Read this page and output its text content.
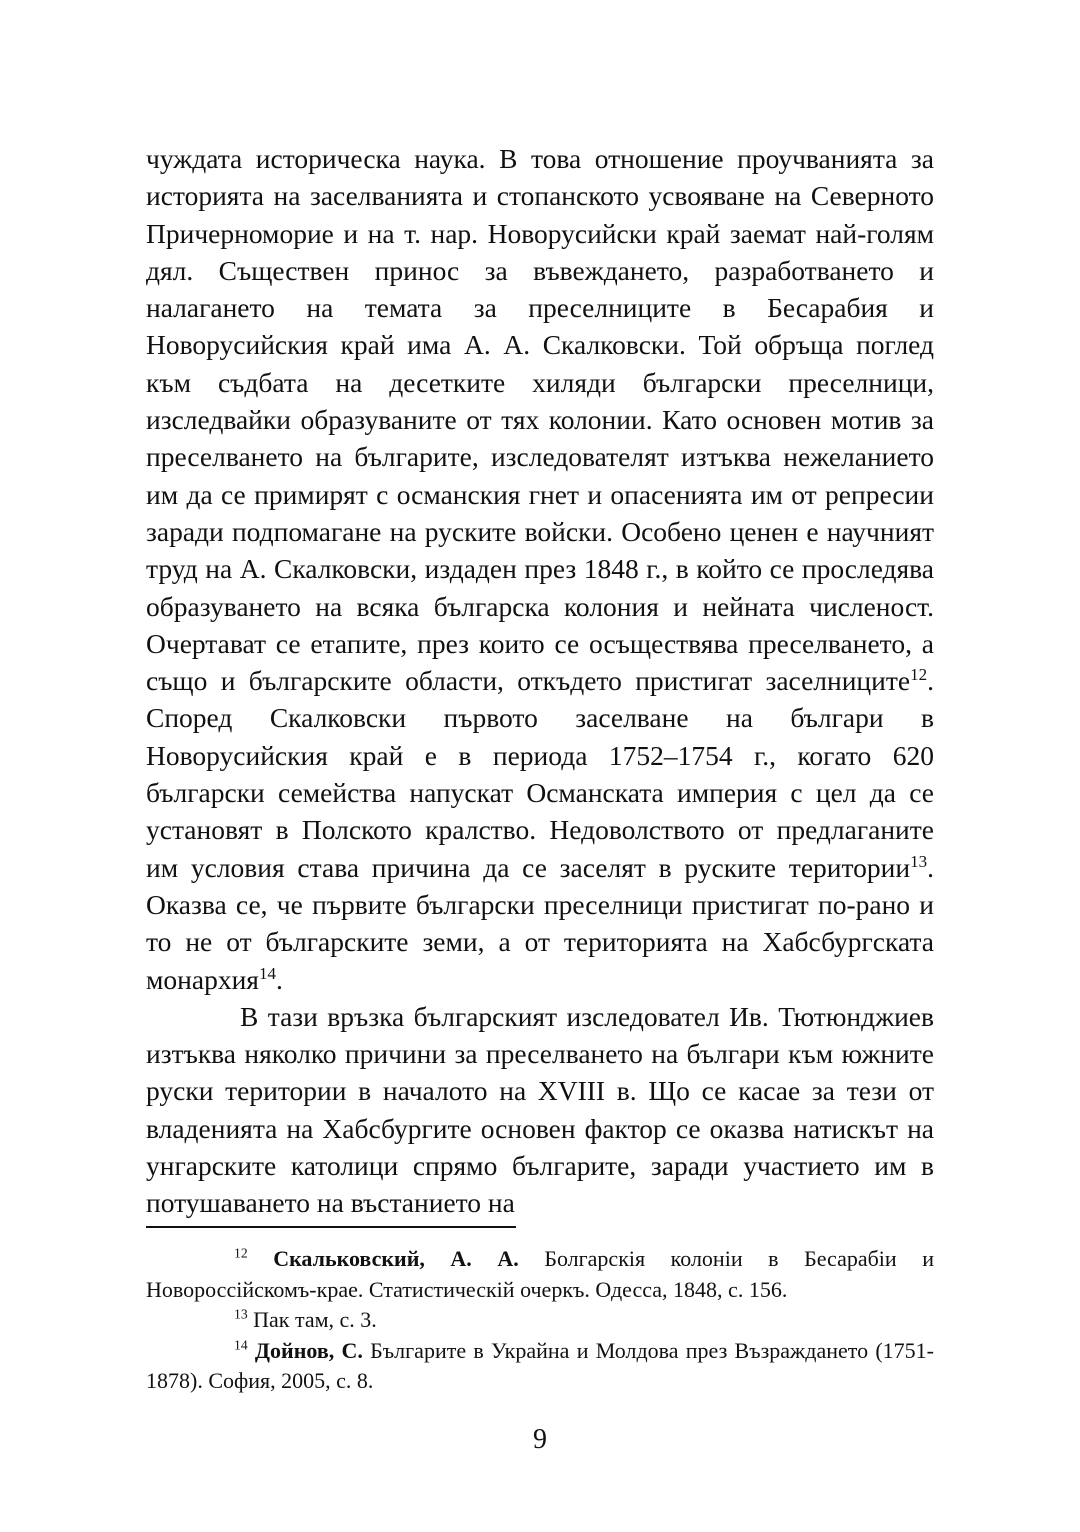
чуждата историческа наука. В това отношение проучванията за историята на заселванията и стопанското усвояване на Северното Причерноморие и на т. нар. Новорусийски край заемат най-голям дял. Съществен принос за въвеждането, разработването и налагането на темата за преселниците в Бесарабия и Новорусийския край има А. А. Скалковски. Той обръща поглед към съдбата на десетките хиляди български преселници, изследвайки образуваните от тях колонии. Като основен мотив за преселването на българите, изследователят изтъква нежеланието им да се примирят с османския гнет и опасенията им от репресии заради подпомагане на руските войски. Особено ценен е научният труд на А. Скалковски, издаден през 1848 г., в който се проследява образуването на всяка българска колония и нейната численост. Очертават се етапите, през които се осъществява преселването, а също и българските области, откъдето пристигат заселниците$^{12}$. Според Скалковски първото заселване на българи в Новорусийския край е в периода 1752–1754 г., когато 620 български семейства напускат Османската империя с цел да се установят в Полското кралство. Недоволството от предлаганите им условия става причина да се заселят в руските територии$^{13}$. Оказва се, че първите български преселници пристигат по-рано и то не от българските земи, а от територията на Хабсбургската монархия$^{14}$.

В тази връзка българският изследовател Ив. Тютюнджиев изтъква няколко причини за преселването на българи към южните руски територии в началото на XVIII в. Що се касае за тези от владенията на Хабсбургите основен фактор се оказва натискът на унгарските католици спрямо българите, заради участието им в потушаването на въстанието на

$^{12}$ Скальковский, А. А. Болгарскiя колонiи в Бесарабiи и Новороссiйскомъ-краe. Статистическiй очеркъ. Одесса, 1848, с. 156.

$^{13}$ Пак там, с. 3.

$^{14}$ Дойнов, С. Българите в Украйна и Молдова през Възраждането (1751-1878). София, 2005, с. 8.

9
